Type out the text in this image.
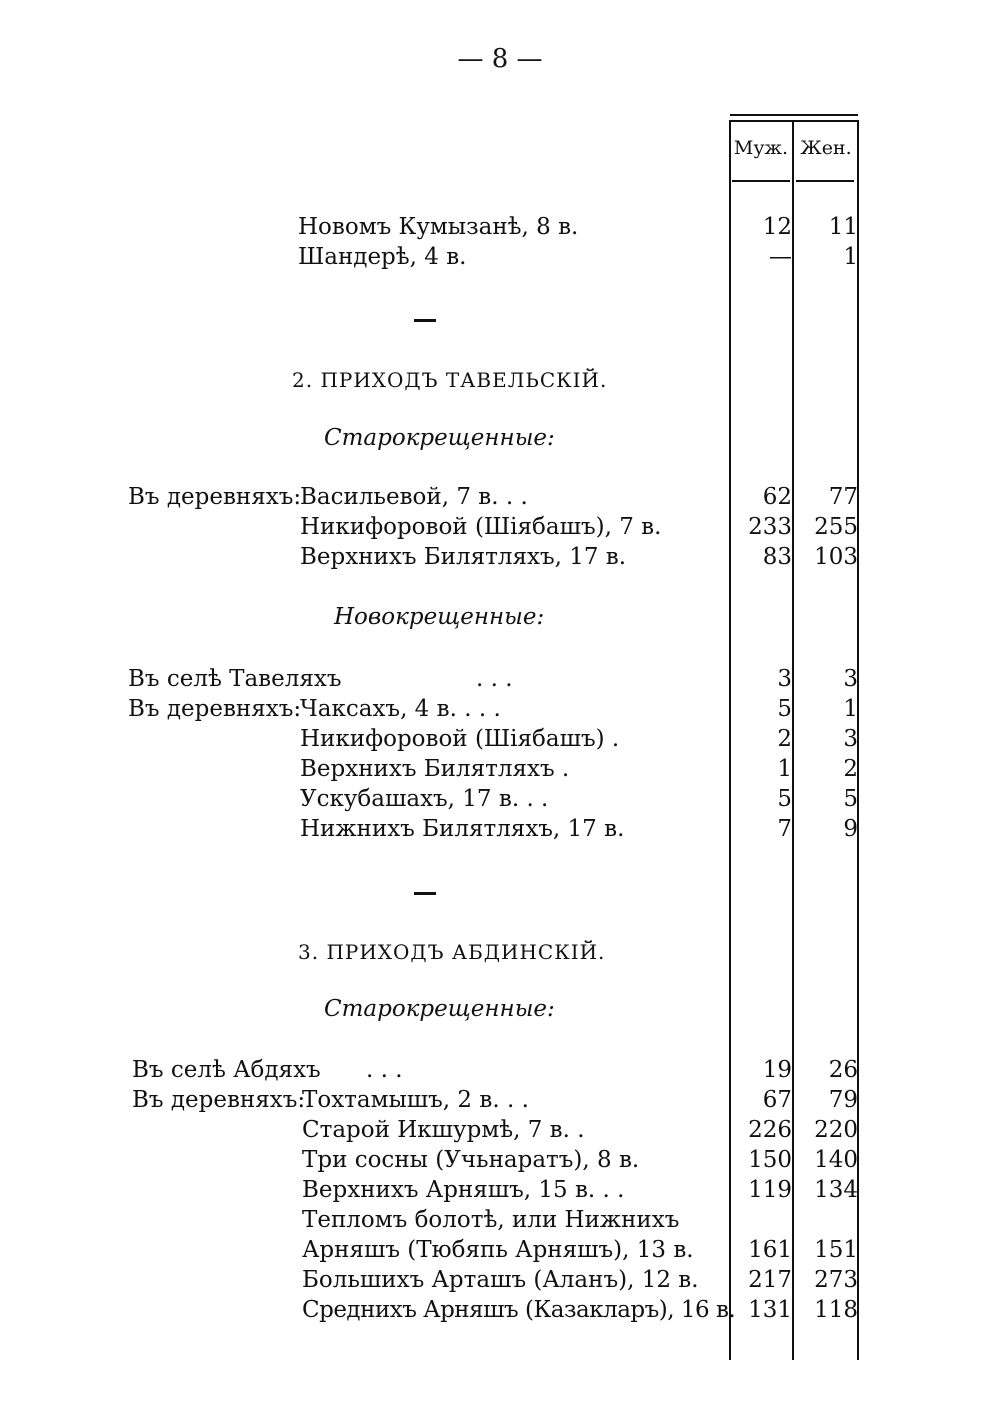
— 8 —
Муж. Жен.
Новомъ Кумызанѣ, 8 в.	12	11
Шандерѣ, 4 в.	—	1
2. ПРИХОДЪ ТАВЕЛЬСКІЙ.
Старокрещенные:
Въ деревняхъ:
Васильевой, 7 в. . .	62	77
Никифоровой (Шіябашъ), 7 в.	233 255
Верхнихъ Билятляхъ, 17 в.	83 103
Новокрещенные:
Въ селѣ Тавеляхъ	. . .	3	3
Въ деревняхъ:
Чаксахъ, 4 в. . . .	5	1
Никифоровой (Шіябашъ) .	2	3
Верхнихъ Билятляхъ .	1	2
Ускубашахъ, 17 в. . .	5	5
Нижнихъ Билятляхъ, 17 в.	7	9
3. ПРИХОДЪ АБДИНСКІЙ.
Старокрещенные:
Въ селѣ Абдяхъ . . .	19	26
Въ деревняхъ:
Тохтамышъ, 2 в. . .	67	79
Старой Икшурмѣ, 7 в. .	226 220
Три сосны (Учьнаратъ), 8 в.	150 140
Верхнихъ Арняшъ, 15 в. . .	119 134
Тепломъ болотѣ, или Нижнихъ
Арняшъ (Тюбяпь Арняшъ), 13 в.	161 151
Большихъ Арташъ (Аланъ), 12 в.	217 273
Среднихъ Арняшъ (Казакларъ), 16 в. 131 118
